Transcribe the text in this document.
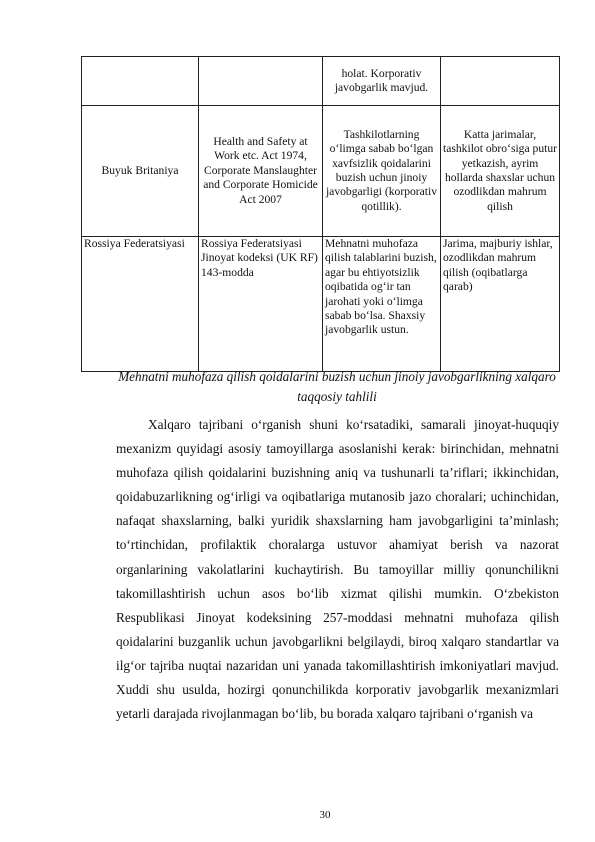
		holat. Korporativ javobgarlik mavjud.	
Buyuk Britaniya	Health and Safety at Work etc. Act 1974, Corporate Manslaughter and Corporate Homicide Act 2007	Tashkilotlarning oʻlimga sabab boʻlgan xavfsizlik qoidalarini buzish uchun jinoiy javobgarligi (korporativ qotillik).	Katta jarimalar, tashkilot obroʻsiga putur yetkazish, ayrim hollarda shaxslar uchun ozodlikdan mahrum qilish
Rossiya Federatsiyasi	Rossiya Federatsiyasi Jinoyat kodeksi (UK RF) 143-modda	Mehnatni muhofaza qilish talablarini buzish, agar bu ehtiyotsizlik oqibatida ogʻir tan jarohati yoki oʻlimga sabab boʻlsa. Shaxsiy javobgarlik ustun.	Jarima, majburiy ishlar, ozodlikdan mahrum qilish (oqibatlarga qarab)
Mehnatni muhofaza qilish qoidalarini buzish uchun jinoiy javobgarlikning xalqaro taqqosiy tahlili

Xalqaro tajribani oʻrganish shuni koʻrsatadiki, samarali jinoyat-huquqiy mexanizm quyidagi asosiy tamoyillarga asoslanishi kerak: birinchidan, mehnatni muhofaza qilish qoidalarini buzishning aniq va tushunarli taʼriflari; ikkinchidan, qoidabuzarlikning ogʻirligi va oqibatlariga mutanosib jazo choralari; uchinchidan, nafaqat shaxslarning, balki yuridik shaxslarning ham javobgarligini taʼminlash; toʻrtinchidan, profilaktik choralarga ustuvor ahamiyat berish va nazorat organlarining vakolatlarini kuchaytirish. Bu tamoyillar milliy qonunchilikni takomillashtirish uchun asos boʻlib xizmat qilishi mumkin. Oʻzbekiston Respublikasi Jinoyat kodeksining 257-moddasi mehnatni muhofaza qilish qoidalarini buzganlik uchun javobgarlikni belgilaydi, biroq xalqaro standartlar va ilgʻor tajriba nuqtai nazaridan uni yanada takomillashtirish imkoniyatlari mavjud. Xuddi shu usulda, hozirgi qonunchilikda korporativ javobgarlik mexanizmlari yetarli darajada rivojlanmagan boʻlib, bu borada xalqaro tajribani oʻrganish va

30
